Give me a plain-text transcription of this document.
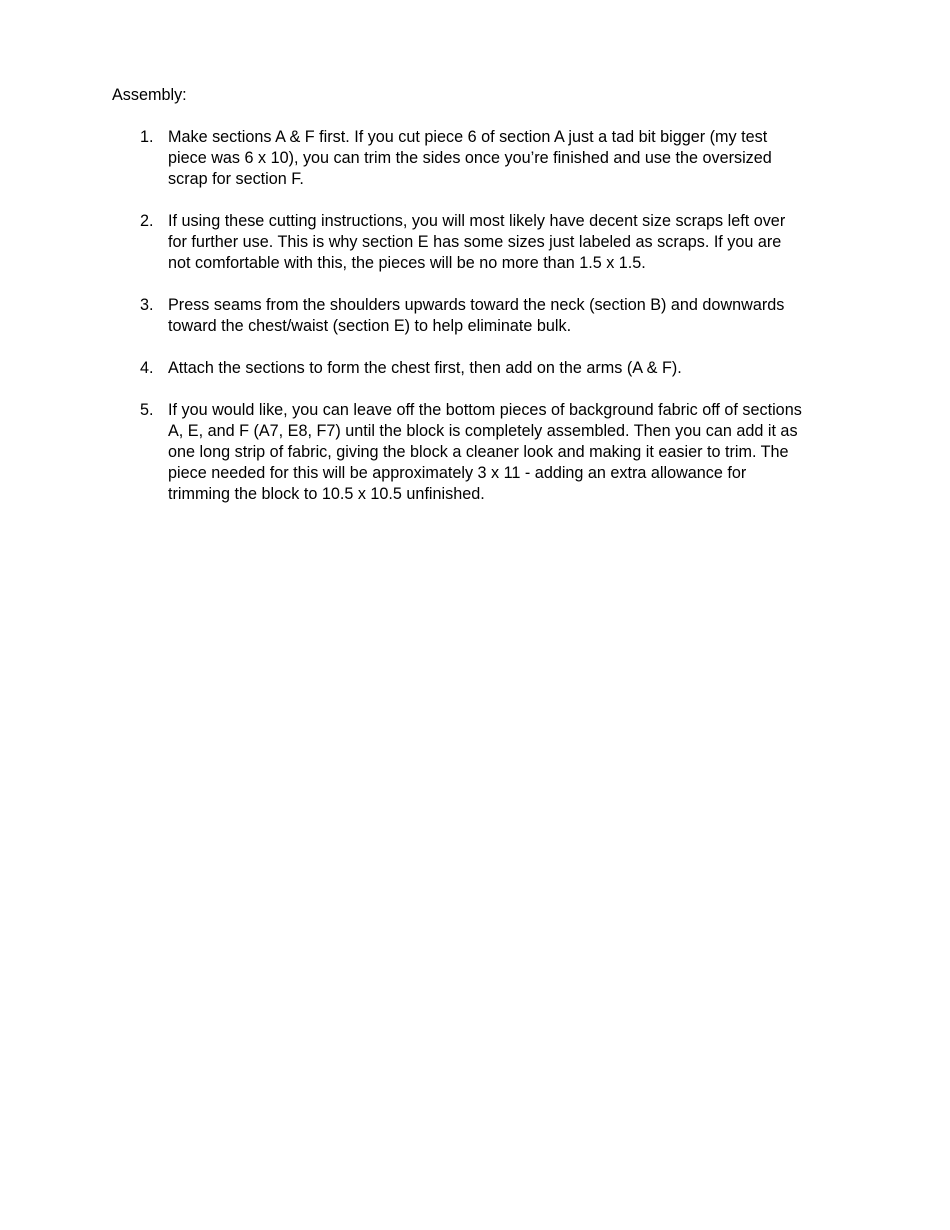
Assembly:
1. Make sections A & F first. If you cut piece 6 of section A just a tad bit bigger (my test
piece was 6 x 10), you can trim the sides once you’re finished and use the oversized
scrap for section F.
2. If using these cutting instructions, you will most likely have decent size scraps left over
for further use. This is why section E has some sizes just labeled as scraps. If you are
not comfortable with this, the pieces will be no more than 1.5 x 1.5.
3. Press seams from the shoulders upwards toward the neck (section B) and downwards
toward the chest/waist (section E) to help eliminate bulk.
4. Attach the sections to form the chest first, then add on the arms (A & F).
5. If you would like, you can leave off the bottom pieces of background fabric off of sections
A, E, and F (A7, E8, F7) until the block is completely assembled. Then you can add it as
one long strip of fabric, giving the block a cleaner look and making it easier to trim. The
piece needed for this will be approximately 3 x 11 - adding an extra allowance for
trimming the block to 10.5 x 10.5 unfinished.
